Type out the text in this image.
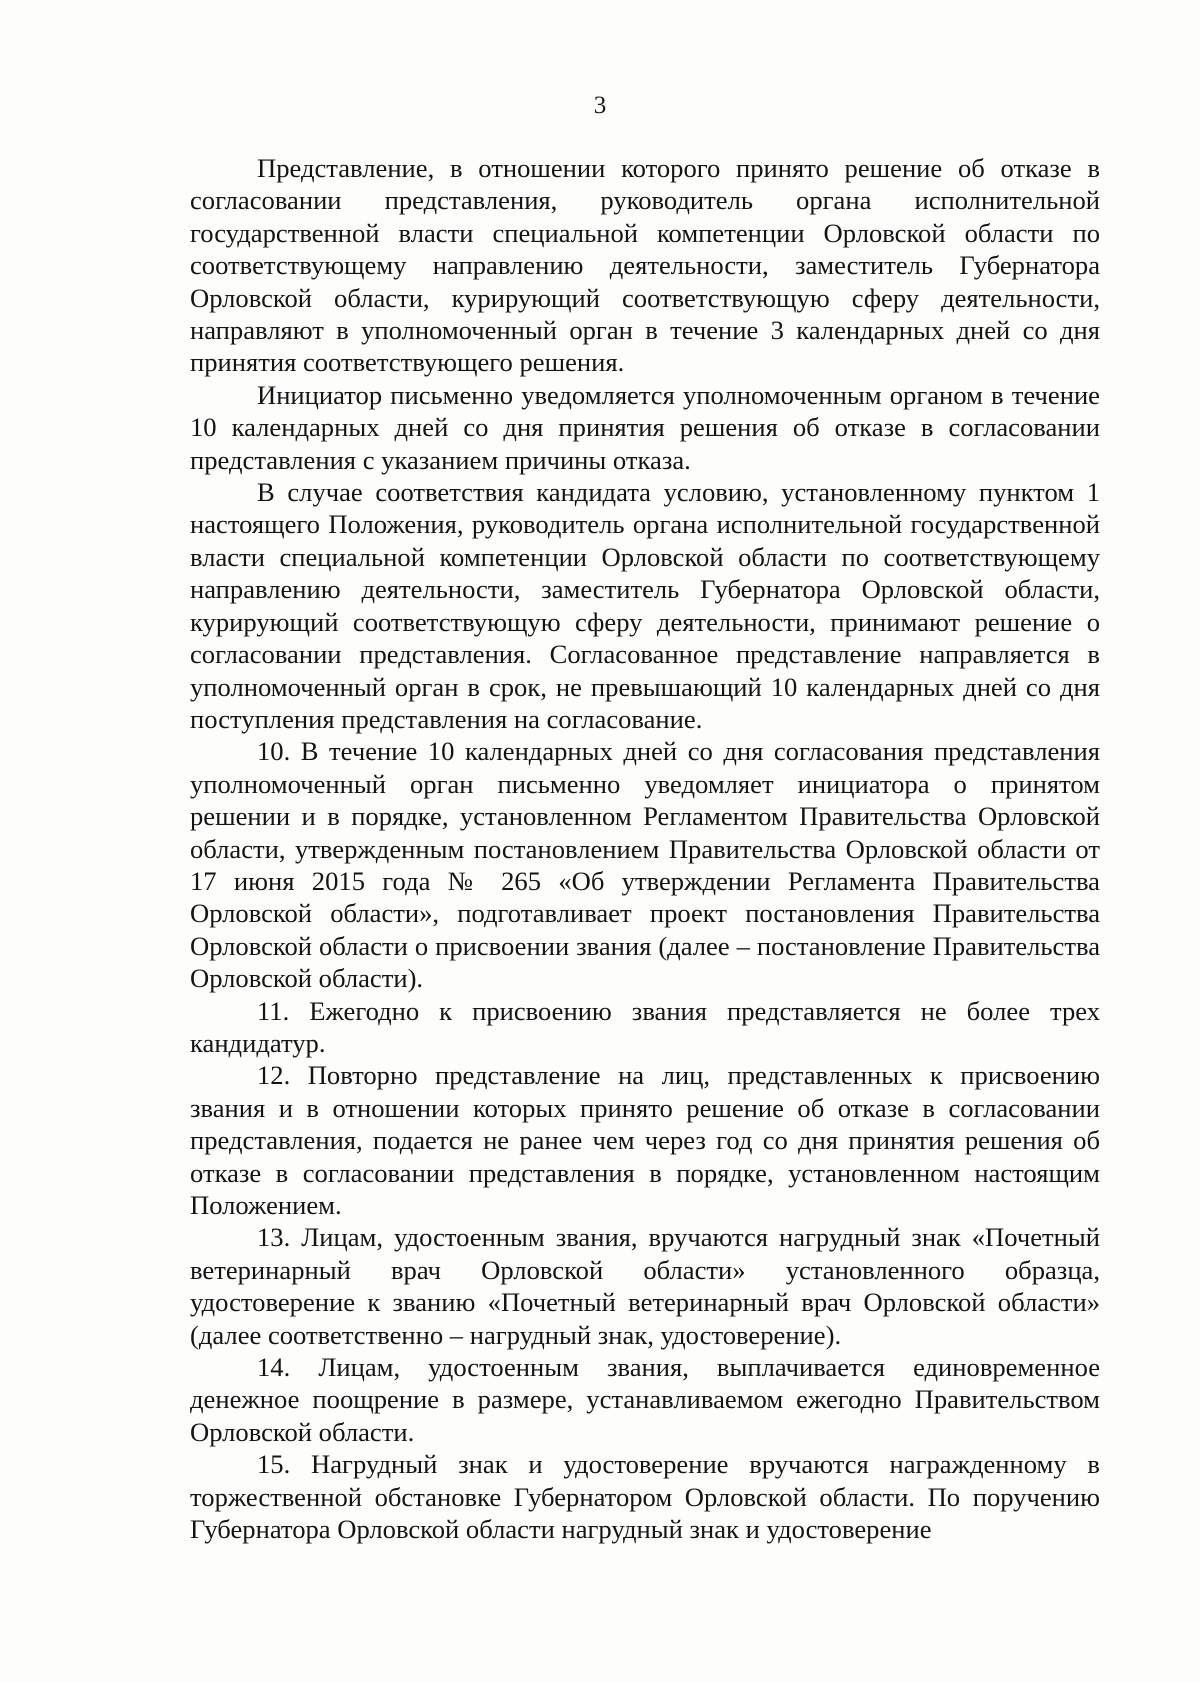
3

Представление, в отношении которого принято решение об отказе в согласовании представления, руководитель органа исполнительной государственной власти специальной компетенции Орловской области по соответствующему направлению деятельности, заместитель Губернатора Орловской области, курирующий соответствующую сферу деятельности, направляют в уполномоченный орган в течение 3 календарных дней со дня принятия соответствующего решения.

Инициатор письменно уведомляется уполномоченным органом в течение 10 календарных дней со дня принятия решения об отказе в согласовании представления с указанием причины отказа.

В случае соответствия кандидата условию, установленному пунктом 1 настоящего Положения, руководитель органа исполнительной государственной власти специальной компетенции Орловской области по соответствующему направлению деятельности, заместитель Губернатора Орловской области, курирующий соответствующую сферу деятельности, принимают решение о согласовании представления. Согласованное представление направляется в уполномоченный орган в срок, не превышающий 10 календарных дней со дня поступления представления на согласование.

10. В течение 10 календарных дней со дня согласования представления уполномоченный орган письменно уведомляет инициатора о принятом решении и в порядке, установленном Регламентом Правительства Орловской области, утвержденным постановлением Правительства Орловской области от 17 июня 2015 года № 265 «Об утверждении Регламента Правительства Орловской области», подготавливает проект постановления Правительства Орловской области о присвоении звания (далее – постановление Правительства Орловской области).

11. Ежегодно к присвоению звания представляется не более трех кандидатур.

12. Повторно представление на лиц, представленных к присвоению звания и в отношении которых принято решение об отказе в согласовании представления, подается не ранее чем через год со дня принятия решения об отказе в согласовании представления в порядке, установленном настоящим Положением.

13. Лицам, удостоенным звания, вручаются нагрудный знак «Почетный ветеринарный врач Орловской области» установленного образца, удостоверение к званию «Почетный ветеринарный врач Орловской области» (далее соответственно – нагрудный знак, удостоверение).

14. Лицам, удостоенным звания, выплачивается единовременное денежное поощрение в размере, устанавливаемом ежегодно Правительством Орловской области.

15. Нагрудный знак и удостоверение вручаются награжденному в торжественной обстановке Губернатором Орловской области. По поручению Губернатора Орловской области нагрудный знак и удостоверение
